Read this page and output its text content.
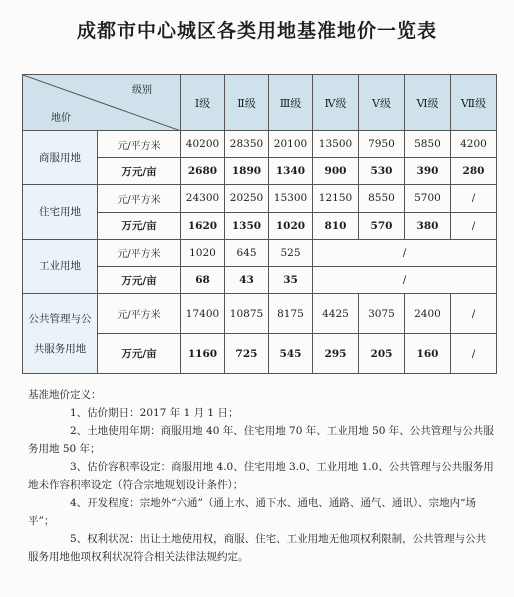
成都市中心城区各类用地基准地价一览表
级别
地价		Ⅰ级	Ⅱ级	Ⅲ级	Ⅳ级	Ⅴ级	Ⅵ级	Ⅶ级
商服用地	元/平方米	40200	28350	20100	13500	7950	5850	4200
	万元/亩	2680	1890	1340	900	530	390	280
住宅用地	元/平方米	24300	20250	15300	12150	8550	5700	/
	万元/亩	1620	1350	1020	810	570	380	/
工业用地	元/平方米	1020	645	525	/			
	万元/亩	68	43	35	/			

公共管理与公
共服务用地	元/平方米	17400	10875	8175	4425	3075	2400	/
	万元/亩	1160	725	545	295	205	160	/

基准地价定义：

1、估价期日：2017 年 1 月 1 日；

2、土地使用年期：商服用地 40 年、住宅用地 70 年、工业用地 50 年、公共管理与公共服

务用地 50 年；

3、估价容积率设定：商服用地 4.0、住宅用地 3.0、工业用地 1.0、公共管理与公共服务用

地未作容积率设定（符合宗地规划设计条件）；

4、开发程度：宗地外“六通”（通上水、通下水、通电、通路、通气、通讯）、宗地内“场平”；

5、权利状况：出让土地使用权，商服、住宅、工业用地无他项权利限制，公共管理与公共

服务用地他项权利状况符合相关法律法规约定。
